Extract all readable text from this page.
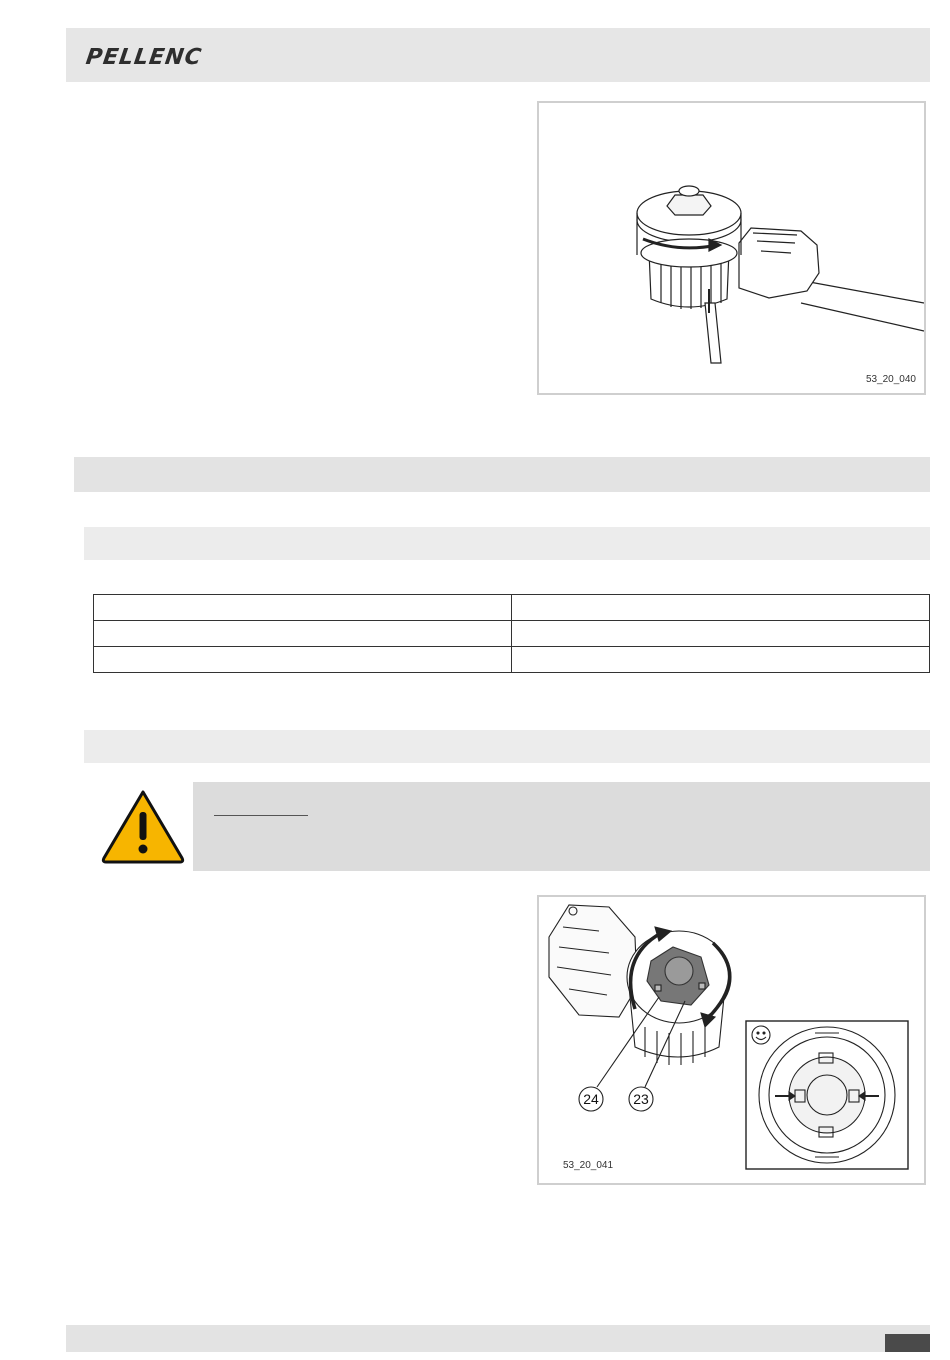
PELLENC
53_20_040

24 23
53_20_041
